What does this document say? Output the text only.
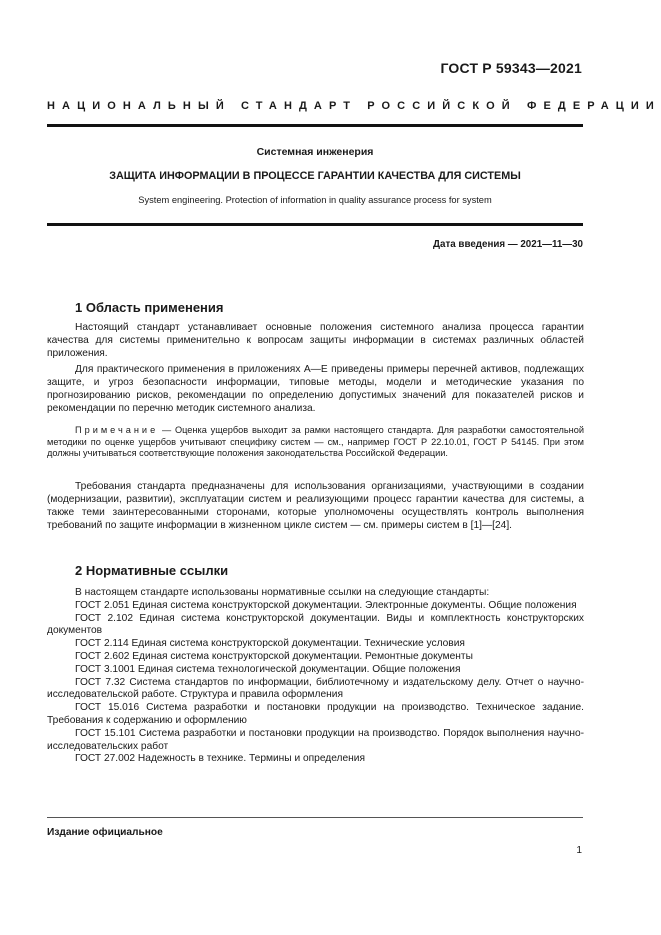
ГОСТ Р 59343—2021
НАЦИОНАЛЬНЫЙ СТАНДАРТ РОССИЙСКОЙ ФЕДЕРАЦИИ
Системная инженерия
ЗАЩИТА ИНФОРМАЦИИ В ПРОЦЕССЕ ГАРАНТИИ КАЧЕСТВА ДЛЯ СИСТЕМЫ
System engineering. Protection of information in quality assurance process for system
Дата введения — 2021—11—30
1 Область применения

Настоящий стандарт устанавливает основные положения системного анализа процесса гарантии качества для системы применительно к вопросам защиты информации в системах различных областей приложения.

Для практического применения в приложениях А—Е приведены примеры перечней активов, подлежащих защите, и угроз безопасности информации, типовые методы, модели и методические указания по прогнозированию рисков, рекомендации по определению допустимых значений для показателей рисков и рекомендации по перечню методик системного анализа.

Примечание — Оценка ущербов выходит за рамки настоящего стандарта. Для разработки самостоятельной методики по оценке ущербов учитывают специфику систем — см., например ГОСТ Р 22.10.01, ГОСТ Р 54145. При этом должны учитываться соответствующие положения законодательства Российской Федерации.

Требования стандарта предназначены для использования организациями, участвующими в создании (модернизации, развитии), эксплуатации систем и реализующими процесс гарантии качества для системы, а также теми заинтересованными сторонами, которые уполномочены осуществлять контроль выполнения требований по защите информации в жизненном цикле систем — см. примеры систем в [1]—[24].

2 Нормативные ссылки

В настоящем стандарте использованы нормативные ссылки на следующие стандарты:

ГОСТ 2.051 Единая система конструкторской документации. Электронные документы. Общие положения

ГОСТ 2.102 Единая система конструкторской документации. Виды и комплектность конструкторских документов

ГОСТ 2.114 Единая система конструкторской документации. Технические условия

ГОСТ 2.602 Единая система конструкторской документации. Ремонтные документы

ГОСТ 3.1001 Единая система технологической документации. Общие положения

ГОСТ 7.32 Система стандартов по информации, библиотечному и издательскому делу. Отчет о научно-исследовательской работе. Структура и правила оформления

ГОСТ 15.016 Система разработки и постановки продукции на производство. Техническое задание. Требования к содержанию и оформлению

ГОСТ 15.101 Система разработки и постановки продукции на производство. Порядок выполнения научно-исследовательских работ

ГОСТ 27.002 Надежность в технике. Термины и определения

Издание официальное
1
